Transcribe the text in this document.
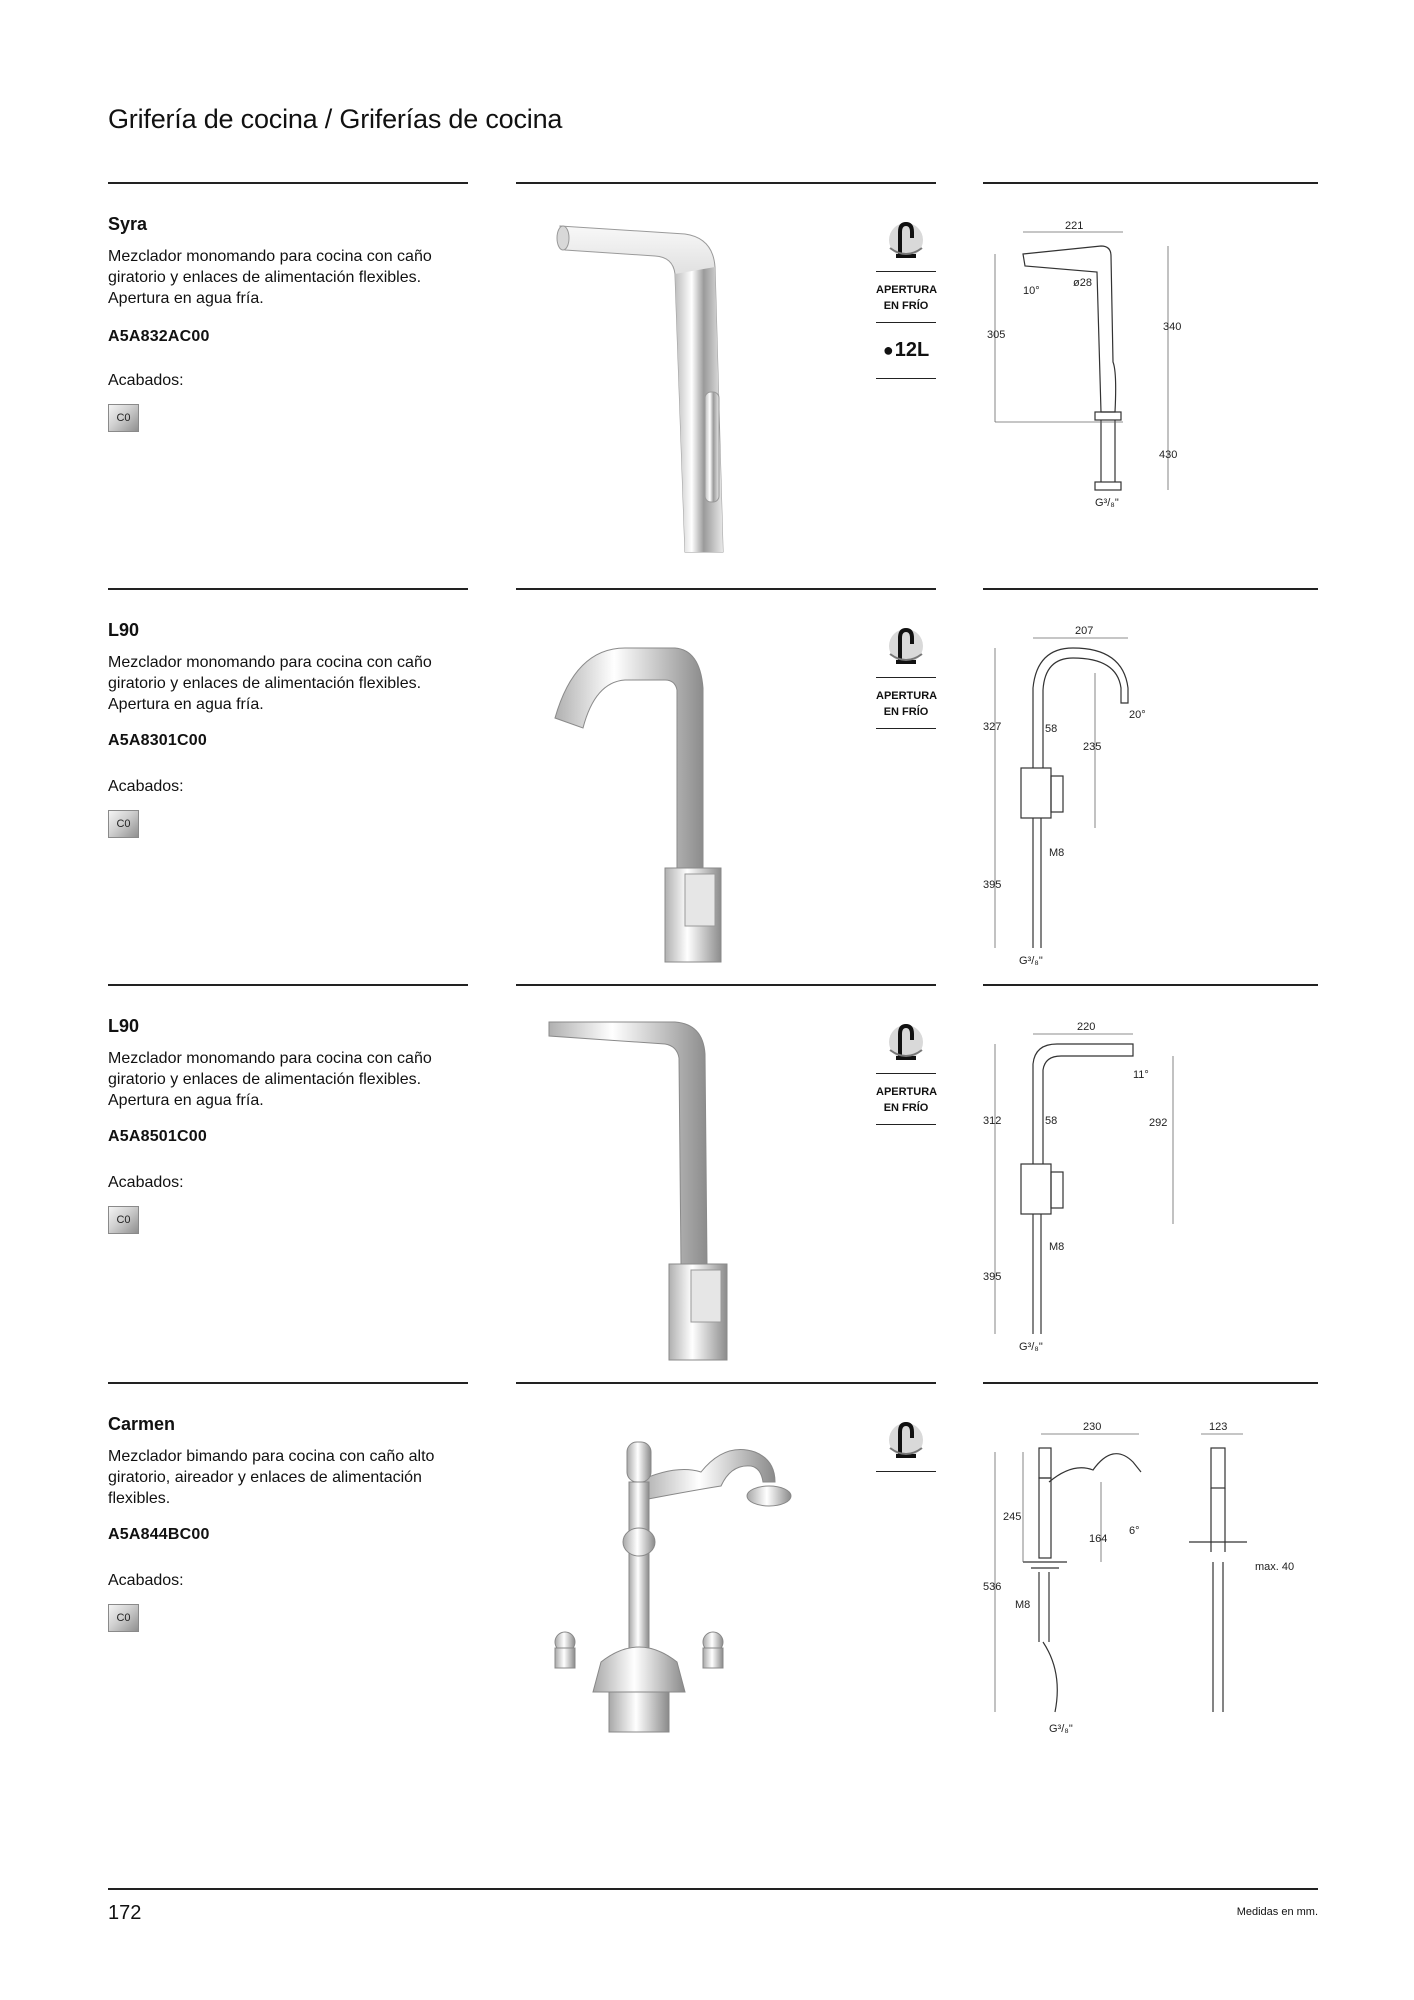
Grifería de cocina / Griferías de cocina
Syra
Mezclador monomando para cocina con caño giratorio y enlaces de alimentación flexibles. Apertura en agua fría.
A5A832AC00
Acabados:
C0
APERTURA
EN FRÍO
● 12L
221
ø28
10°
340
305
430
G³/₈"
L90
Mezclador monomando para cocina con caño giratorio y enlaces de alimentación flexibles. Apertura en agua fría.
A5A8301C00
Acabados:
C0
APERTURA
EN FRÍO
207
20°
327	58
235
M8
395
G³/₈"
L90
Mezclador monomando para cocina con caño giratorio y enlaces de alimentación flexibles. Apertura en agua fría.
A5A8501C00
Acabados:
C0
APERTURA
EN FRÍO
220
11°
312	58	292
M8
395
G³/₈"
Carmen
Mezclador bimando para cocina con caño alto giratorio, aireador y enlaces de alimentación flexibles.
A5A844BC00
Acabados:
C0
230
6°
245
164
536
M8
G³/₈"
123
max. 40
172	Medidas en mm.
